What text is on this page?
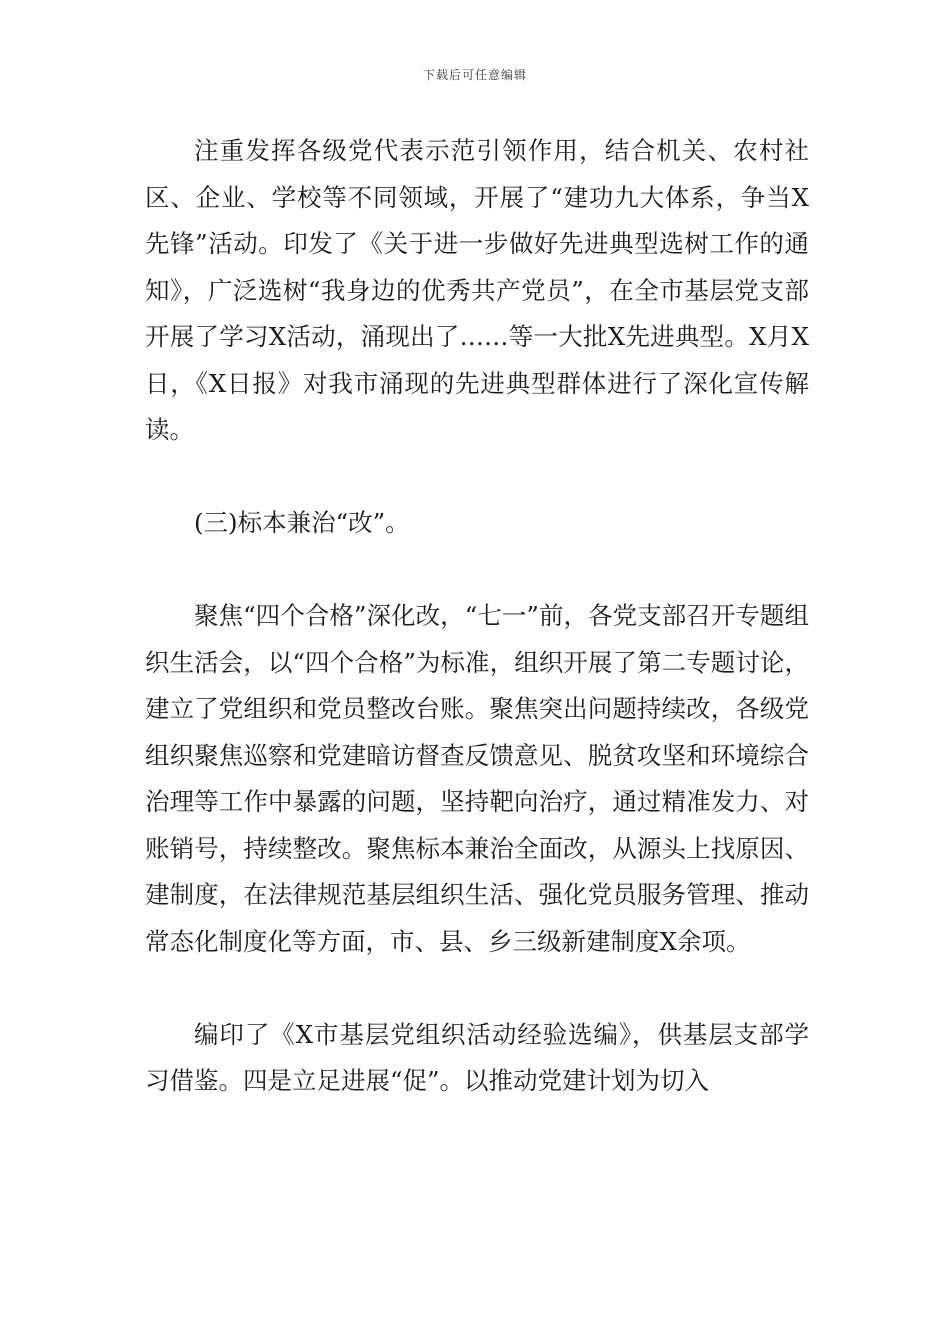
下载后可任意编辑

注重发挥各级党代表示范引领作用，结合机关、农村社区、企业、学校等不同领域，开展了“建功九大体系，争当X先锋”活动。印发了《关于进一步做好先进典型选树工作的通知》，广泛选树“我身边的优秀共产党员”，在全市基层党支部开展了学习X活动，涌现出了……等一大批X先进典型。X月X日，《X日报》对我市涌现的先进典型群体进行了深化宣传解读。

(三)标本兼治“改”。

聚焦“四个合格”深化改，“七一”前，各党支部召开专题组织生活会，以“四个合格”为标准，组织开展了第二专题讨论，建立了党组织和党员整改台账。聚焦突出问题持续改，各级党组织聚焦巡察和党建暗访督查反馈意见、脱贫攻坚和环境综合治理等工作中暴露的问题，坚持靶向治疗，通过精准发力、对账销号，持续整改。聚焦标本兼治全面改，从源头上找原因、建制度，在法律规范基层组织生活、强化党员服务管理、推动常态化制度化等方面，市、县、乡三级新建制度X余项。

编印了《X市基层党组织活动经验选编》，供基层支部学习借鉴。四是立足进展“促”。以推动党建计划为切入
